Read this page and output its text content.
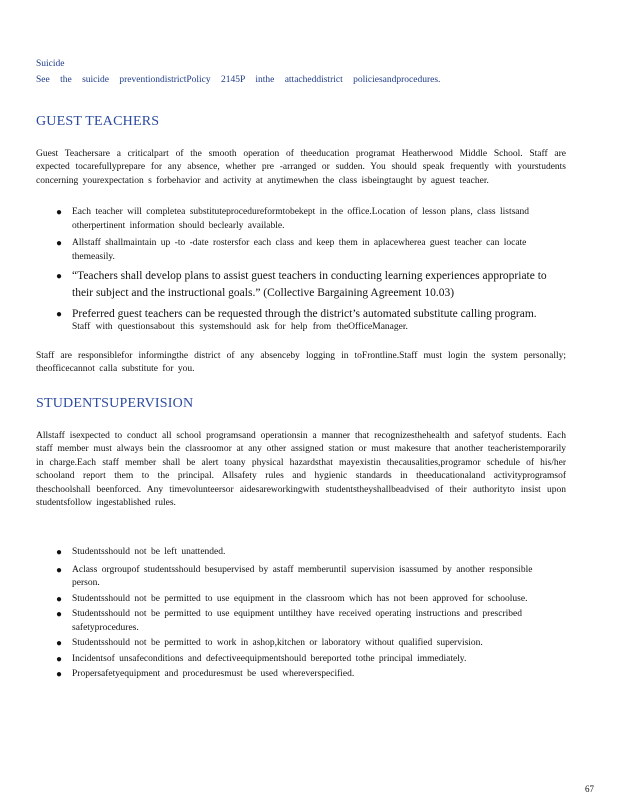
Suicide
See the suicide preventiondistrictPolicy 2145P inthe attacheddistrict policiesandprocedures.
GUEST TEACHERS
Guest Teachersare a criticalpart of the smooth operation of theeducation programat Heatherwood Middle School. Staff are expected tocarefullyprepare for any absence, whether pre -arranged or sudden. You should speak frequently with yourstudents concerning yourexpectation s forbehavior and activity at anytimewhen the class isbeingtaught by aguest teacher.
● Each teacher will completea substituteprocedureformtobekept in the office.Location of lesson plans, class listsand otherpertinent information should beclearly available.
● Allstaff shallmaintain up -to -date rostersfor each class and keep them in aplacewherea guest teacher can locate themeasily.
● “Teachers shall develop plans to assist guest teachers in conducting learning experiences appropriate to their subject and the instructional goals.” (Collective Bargaining Agreement 10.03)
● Preferred guest teachers can be requested through the district’s automated substitute calling program.
Staff with questionsabout this systemshould ask for help from theOfficeManager.
Staff are responsiblefor informingthe district of any absenceby logging in toFrontline.Staff must login the system personally; theofficecannot calla substitute for you.
STUDENTSUPERVISION
Allstaff isexpected to conduct all school programsand operationsin a manner that recognizesthehealth and safetyof students. Each staff member must always bein the classroomor at any other assigned station or must makesure that another teacheristemporarily in charge.Each staff member shall be alert toany physical hazardsthat mayexistin thecausalities,programor schedule of his/her schooland report them to the principal. Allsafety rules and hygienic standards in theeducationaland activityprogramsof theschoolshall beenforced. Any timevolunteersor aidesareworkingwith studentstheyshallbeadvised of their authorityto insist upon studentsfollow ingestablished rules.
● Studentsshould not be left unattended.
● Aclass orgroupof studentsshould besupervised by astaff memberuntil supervision isassumed by another responsible person.
● Studentsshould not be permitted to use equipment in the classroom which has not been approved for schooluse.
● Studentsshould not be permitted to use equipment untilthey have received operating instructions and prescribed safetyprocedures.
● Studentsshould not be permitted to work in ashop,kitchen or laboratory without qualified supervision.
● Incidentsof unsafeconditions and defectiveequipmentshould bereported tothe principal immediately.
● Propersafetyequipment and proceduresmust be used whereverspecified.
67
